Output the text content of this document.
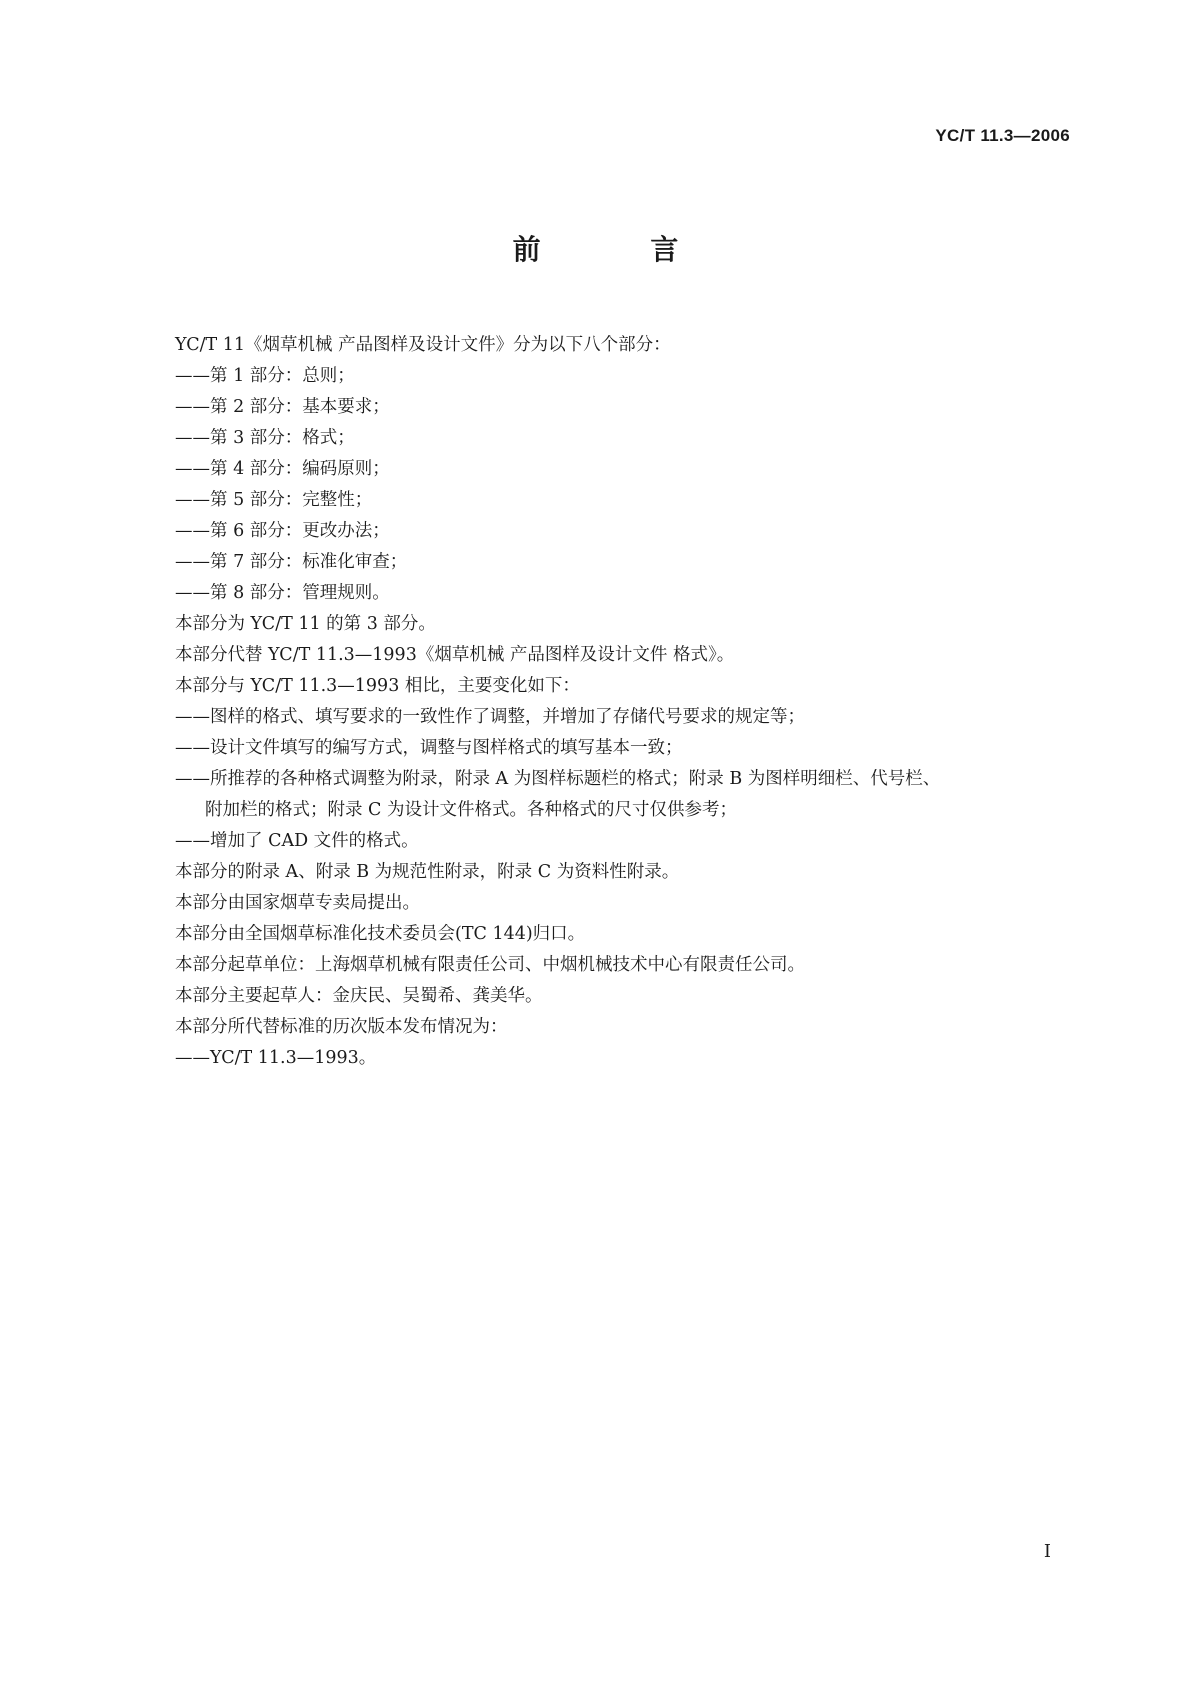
YC/T 11.3—2006
前 言
YC/T 11《烟草机械 产品图样及设计文件》分为以下八个部分：
——第 1 部分：总则；
——第 2 部分：基本要求；
——第 3 部分：格式；
——第 4 部分：编码原则；
——第 5 部分：完整性；
——第 6 部分：更改办法；
——第 7 部分：标准化审查；
——第 8 部分：管理规则。
本部分为 YC/T 11 的第 3 部分。
本部分代替 YC/T 11.3—1993《烟草机械 产品图样及设计文件 格式》。
本部分与 YC/T 11.3—1993 相比，主要变化如下：
——图样的格式、填写要求的一致性作了调整，并增加了存储代号要求的规定等；
——设计文件填写的编写方式，调整与图样格式的填写基本一致；
——所推荐的各种格式调整为附录，附录 A 为图样标题栏的格式；附录 B 为图样明细栏、代号栏、
附加栏的格式；附录 C 为设计文件格式。各种格式的尺寸仅供参考；
——增加了 CAD 文件的格式。
本部分的附录 A、附录 B 为规范性附录，附录 C 为资料性附录。
本部分由国家烟草专卖局提出。
本部分由全国烟草标准化技术委员会(TC 144)归口。
本部分起草单位：上海烟草机械有限责任公司、中烟机械技术中心有限责任公司。
本部分主要起草人：金庆民、吴蜀希、龚美华。
本部分所代替标准的历次版本发布情况为：
——YC/T 11.3—1993。
I
